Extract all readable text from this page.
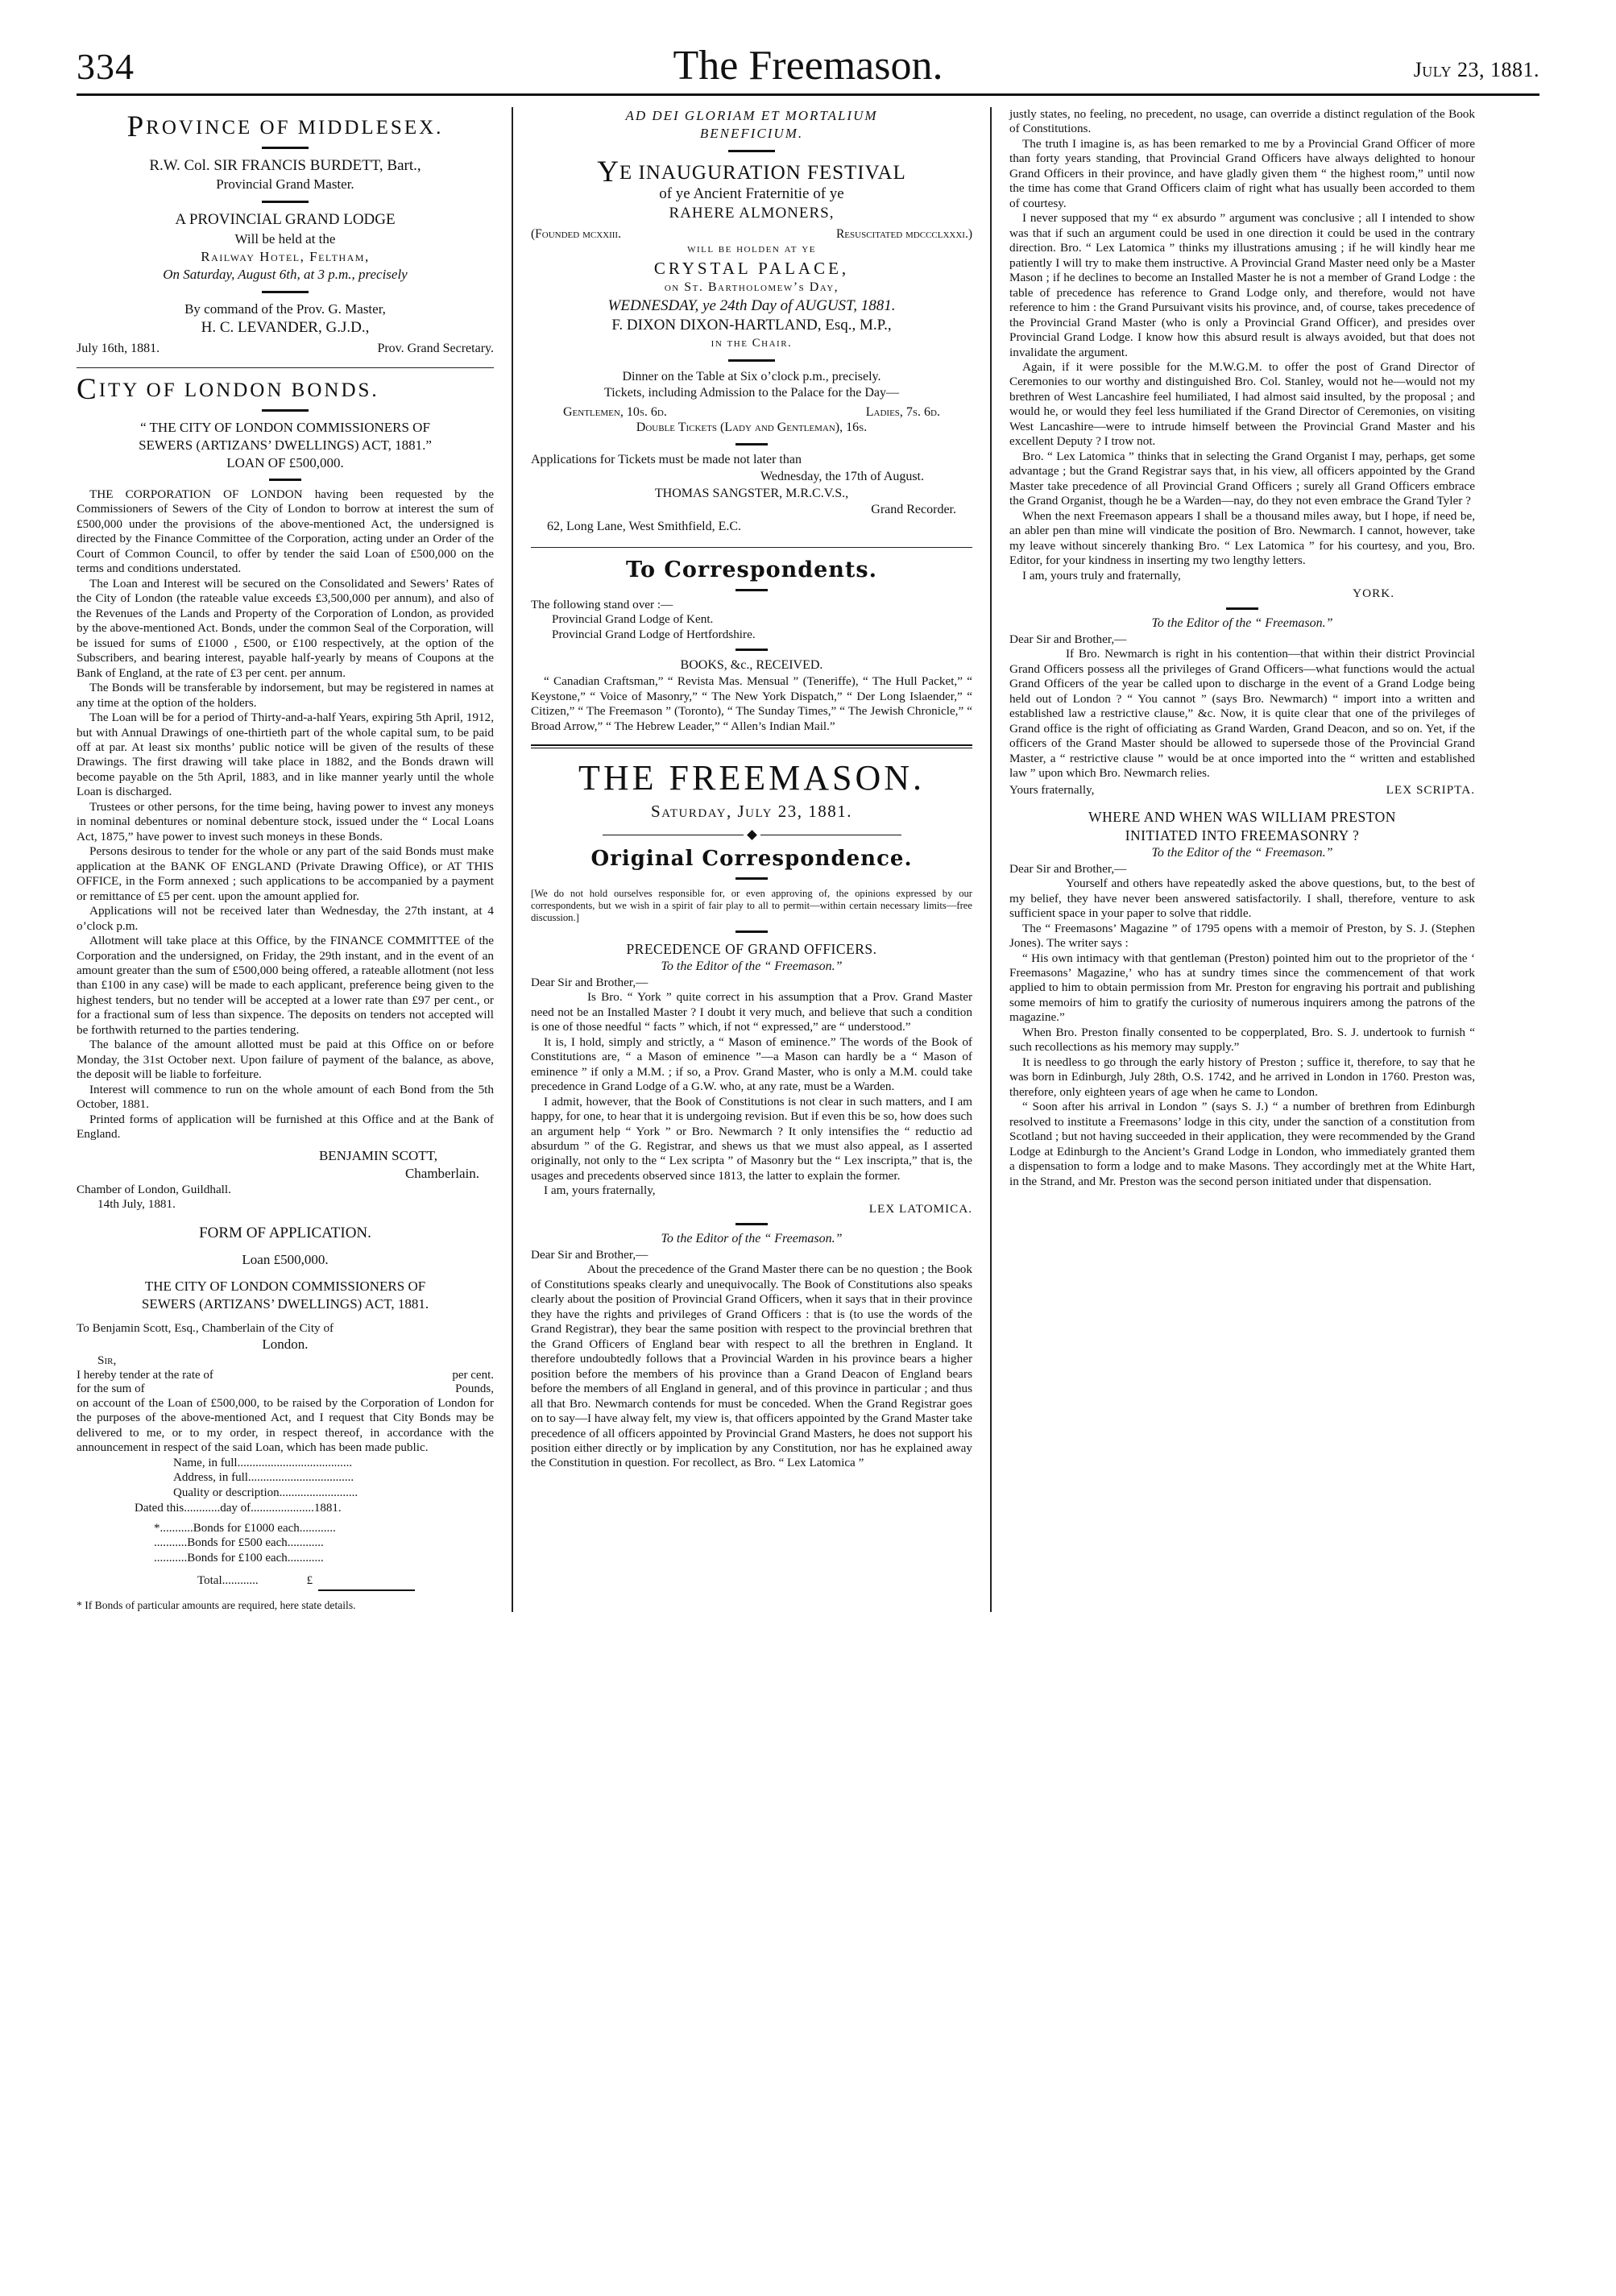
334	The Freemason.	July 23, 1881.
PROVINCE OF MIDDLESEX.
R.W. Col. SIR FRANCIS BURDETT, Bart.,
Provincial Grand Master.
A PROVINCIAL GRAND LODGE
Will be held at the
Railway Hotel, Feltham,
On Saturday, August 6th, at 3 p.m., precisely
By command of the Prov. G. Master,
H. C. LEVANDER, G.J.D.,
July 16th, 1881.	Prov. Grand Secretary.
CITY OF LONDON BONDS.
“ THE CITY OF LONDON COMMISSIONERS OF
SEWERS (ARTIZANS’ DWELLINGS) ACT, 1881.”
LOAN OF £500,000.

THE CORPORATION OF LONDON having been requested by the Commissioners of Sewers of the City of London to borrow at interest the sum of £500,000 under the provisions of the above-mentioned Act, the undersigned is directed by the Finance Committee of the Corporation, acting under an Order of the Court of Common Council, to offer by tender the said Loan of £500,000 on the terms and conditions understated.

The Loan and Interest will be secured on the Consolidated and Sewers’ Rates of the City of London (the rateable value exceeds £3,500,000 per annum), and also of the Revenues of the Lands and Property of the Corporation of London, as provided by the above-mentioned Act. Bonds, under the common Seal of the Corporation, will be issued for sums of £1000 , £500, or £100 respectively, at the option of the Subscribers, and bearing interest, payable half-yearly by means of Coupons at the Bank of England, at the rate of £3 per cent. per annum.

The Bonds will be transferable by indorsement, but may be registered in names at any time at the option of the holders.

The Loan will be for a period of Thirty-and-a-half Years, expiring 5th April, 1912, but with Annual Drawings of one-thirtieth part of the whole capital sum, to be paid off at par. At least six months’ public notice will be given of the results of these Drawings. The first drawing will take place in 1882, and the Bonds drawn will become payable on the 5th April, 1883, and in like manner yearly until the whole Loan is discharged.

Trustees or other persons, for the time being, having power to invest any moneys in nominal debentures or nominal debenture stock, issued under the “ Local Loans Act, 1875,” have power to invest such moneys in these Bonds.

Persons desirous to tender for the whole or any part of the said Bonds must make application at the BANK OF ENGLAND (Private Drawing Office), or AT THIS OFFICE, in the Form annexed ; such applications to be accompanied by a payment or remittance of £5 per cent. upon the amount applied for.

Applications will not be received later than Wednesday, the 27th instant, at 4 o’clock p.m.

Allotment will take place at this Office, by the FINANCE COMMITTEE of the Corporation and the undersigned, on Friday, the 29th instant, and in the event of an amount greater than the sum of £500,000 being offered, a rateable allotment (not less than £100 in any case) will be made to each applicant, preference being given to the highest tenders, but no tender will be accepted at a lower rate than £97 per cent., or for a fractional sum of less than sixpence. The deposits on tenders not accepted will be forthwith returned to the parties tendering.

The balance of the amount allotted must be paid at this Office on or before Monday, the 31st October next. Upon failure of payment of the balance, as above, the deposit will be liable to forfeiture.

Interest will commence to run on the whole amount of each Bond from the 5th October, 1881.

Printed forms of application will be furnished at this Office and at the Bank of England.

BENJAMIN SCOTT,
Chamberlain.
Chamber of London, Guildhall.
14th July, 1881.
FORM OF APPLICATION.
Loan £500,000.
THE CITY OF LONDON COMMISSIONERS OF
SEWERS (ARTIZANS’ DWELLINGS) ACT, 1881.
To Benjamin Scott, Esq., Chamberlain of the City of
London.
Sir,
I hereby tender at the rate of	per cent.
for the sum of	Pounds,

on account of the Loan of £500,000, to be raised by the Corporation of London for the purposes of the above-mentioned Act, and I request that City Bonds may be delivered to me, or to my order, in respect thereof, in accordance with the announcement in respect of the said Loan, which has been made public.

Name, in full......................................
Address, in full...................................
Quality or description..........................
Dated this............day of.....................1881.
*...........Bonds for £1000 each............
...........Bonds for £500 each............
...........Bonds for £100 each............
Total............	£

* If Bonds of particular amounts are required, here state details.

AD DEI GLORIAM ET MORTALIUM
BENEFICIUM.
YE INAUGURATION FESTIVAL
of ye Ancient Fraternitie of ye
RAHERE ALMONERS,
(Founded mcxxiii.	Resuscitated mdccclxxxi.)
will be holden at ye
CRYSTAL PALACE,
on St. Bartholomew’s Day,
WEDNESDAY, ye 24th Day of AUGUST, 1881.
F. DIXON DIXON-HARTLAND, Esq., M.P.,
in the Chair.
Dinner on the Table at Six o’clock p.m., precisely.
Tickets, including Admission to the Palace for the Day—
Gentlemen, 10s. 6d.	Ladies, 7s. 6d.
Double Tickets (Lady and Gentleman), 16s.
Applications for Tickets must be made not later than
Wednesday, the 17th of August.
THOMAS SANGSTER, M.R.C.V.S.,
Grand Recorder.
62, Long Lane, West Smithfield, E.C.
To Correspondents.
The following stand over :—
Provincial Grand Lodge of Kent.
Provincial Grand Lodge of Hertfordshire.
BOOKS, &c., RECEIVED.

“ Canadian Craftsman,” “ Revista Mas. Mensual ” (Teneriffe), “ The Hull Packet,” “ Keystone,” “ Voice of Masonry,” “ The New York Dispatch,” “ Der Long Islaender,” “ Citizen,” “ The Freemason ” (Toronto), “ The Sunday Times,” “ The Jewish Chronicle,” “ Broad Arrow,” “ The Hebrew Leader,” “ Allen’s Indian Mail.”

THE FREEMASON.
Saturday, July 23, 1881.
Original Correspondence.

[We do not hold ourselves responsible for, or even approving of, the opinions expressed by our correspondents, but we wish in a spirit of fair play to all to permit—within certain necessary limits—free discussion.]

PRECEDENCE OF GRAND OFFICERS.
To the Editor of the “ Freemason.”
Dear Sir and Brother,—

Is Bro. “ York ” quite correct in his assumption that a Prov. Grand Master need not be an Installed Master ? I doubt it very much, and believe that such a condition is one of those needful “ facts ” which, if not “ expressed,” are “ understood.”

It is, I hold, simply and strictly, a “ Mason of eminence.” The words of the Book of Constitutions are, “ a Mason of eminence ”—a Mason can hardly be a “ Mason of eminence ” if only a M.M. ; if so, a Prov. Grand Master, who is only a M.M. could take precedence in Grand Lodge of a G.W. who, at any rate, must be a Warden.

I admit, however, that the Book of Constitutions is not clear in such matters, and I am happy, for one, to hear that it is undergoing revision. But if even this be so, how does such an argument help “ York ” or Bro. Newmarch ? It only intensifies the “ reductio ad absurdum ” of the G. Registrar, and shews us that we must also appeal, as I asserted originally, not only to the “ Lex scripta ” of Masonry but the “ Lex inscripta,” that is, the usages and precedents observed since 1813, the latter to explain the former.

I am, yours fraternally,

LEX LATOMICA.
To the Editor of the “ Freemason.”
Dear Sir and Brother,—

About the precedence of the Grand Master there can be no question ; the Book of Constitutions speaks clearly and unequivocally. The Book of Constitutions also speaks clearly about the position of Provincial Grand Officers, when it says that in their province they have the rights and privileges of Grand Officers : that is (to use the words of the Grand Registrar), they bear the same position with respect to the provincial brethren that the Grand Officers of England bear with respect to all the brethren in England. It therefore undoubtedly follows that a Provincial Warden in his province bears a higher position before the members of his province than a Grand Deacon of England bears before the members of all England in general, and of this province in particular ; and thus all that Bro. Newmarch contends for must be conceded. When the Grand Registrar goes on to say—I have alway felt, my view is, that officers appointed by the Grand Master take precedence of all officers appointed by Provincial Grand Masters, he does not support his position either directly or by implication by any Constitution, nor has he explained away the Constitution in question. For recollect, as Bro. “ Lex Latomica ”

justly states, no feeling, no precedent, no usage, can override a distinct regulation of the Book of Constitutions.

The truth I imagine is, as has been remarked to me by a Provincial Grand Officer of more than forty years standing, that Provincial Grand Officers have always delighted to honour Grand Officers in their province, and have gladly given them “ the highest room,” until now the time has come that Grand Officers claim of right what has usually been accorded to them of courtesy.

I never supposed that my “ ex absurdo ” argument was conclusive ; all I intended to show was that if such an argument could be used in one direction it could be used in the contrary direction. Bro. “ Lex Latomica ” thinks my illustrations amusing ; if he will kindly hear me patiently I will try to make them instructive. A Provincial Grand Master need only be a Master Mason ; if he declines to become an Installed Master he is not a member of Grand Lodge : the table of precedence has reference to Grand Lodge only, and therefore, would not have reference to him : the Grand Pursuivant visits his province, and, of course, takes precedence of the Provincial Grand Master (who is only a Provincial Grand Officer), and presides over Provincial Grand Lodge. I know how this absurd result is always avoided, but that does not invalidate the argument.

Again, if it were possible for the M.W.G.M. to offer the post of Grand Director of Ceremonies to our worthy and distinguished Bro. Col. Stanley, would not he—would not my brethren of West Lancashire feel humiliated, I had almost said insulted, by the proposal ; and would he, or would they feel less humiliated if the Grand Director of Ceremonies, on visiting West Lancashire—were to intrude himself between the Provincial Grand Master and his excellent Deputy ? I trow not.

Bro. “ Lex Latomica ” thinks that in selecting the Grand Organist I may, perhaps, get some advantage ; but the Grand Registrar says that, in his view, all officers appointed by the Grand Master take precedence of all Provincial Grand Officers ; surely all Grand Officers embrace the Grand Organist, though he be a Warden—nay, do they not even embrace the Grand Tyler ?

When the next Freemason appears I shall be a thousand miles away, but I hope, if need be, an abler pen than mine will vindicate the position of Bro. Newmarch. I cannot, however, take my leave without sincerely thanking Bro. “ Lex Latomica ” for his courtesy, and you, Bro. Editor, for your kindness in inserting my two lengthy letters.

I am, yours truly and fraternally,

YORK.
To the Editor of the “ Freemason.”
Dear Sir and Brother,—

If Bro. Newmarch is right in his contention—that within their district Provincial Grand Officers possess all the privileges of Grand Officers—what functions would the actual Grand Officers of the year be called upon to discharge in the event of a Grand Lodge being held out of London ? “ You cannot ” (says Bro. Newmarch) “ import into a written and established law a restrictive clause,” &c. Now, it is quite clear that one of the privileges of Grand office is the right of officiating as Grand Warden, Grand Deacon, and so on. Yet, if the officers of the Grand Master should be allowed to supersede those of the Provincial Grand Master, a “ restrictive clause ” would be at once imported into the “ written and established law ” upon which Bro. Newmarch relies.

Yours fraternally,	LEX SCRIPTA.
WHERE AND WHEN WAS WILLIAM PRESTON
INITIATED INTO FREEMASONRY ?
To the Editor of the “ Freemason.”
Dear Sir and Brother,—

Yourself and others have repeatedly asked the above questions, but, to the best of my belief, they have never been answered satisfactorily. I shall, therefore, venture to ask sufficient space in your paper to solve that riddle.

The “ Freemasons’ Magazine ” of 1795 opens with a memoir of Preston, by S. J. (Stephen Jones). The writer says :

“ His own intimacy with that gentleman (Preston) pointed him out to the proprietor of the ‘ Freemasons’ Magazine,’ who has at sundry times since the commencement of that work applied to him to obtain permission from Mr. Preston for engraving his portrait and publishing some memoirs of him to gratify the curiosity of numerous inquirers among the patrons of the magazine.”

When Bro. Preston finally consented to be copperplated, Bro. S. J. undertook to furnish “ such recollections as his memory may supply.”

It is needless to go through the early history of Preston ; suffice it, therefore, to say that he was born in Edinburgh, July 28th, O.S. 1742, and he arrived in London in 1760. Preston was, therefore, only eighteen years of age when he came to London.

“ Soon after his arrival in London ” (says S. J.) “ a number of brethren from Edinburgh resolved to institute a Freemasons’ lodge in this city, under the sanction of a constitution from Scotland ; but not having succeeded in their application, they were recommended by the Grand Lodge at Edinburgh to the Ancient’s Grand Lodge in London, who immediately granted them a dispensation to form a lodge and to make Masons. They accordingly met at the White Hart, in the Strand, and Mr. Preston was the second person initiated under that dispensation.
